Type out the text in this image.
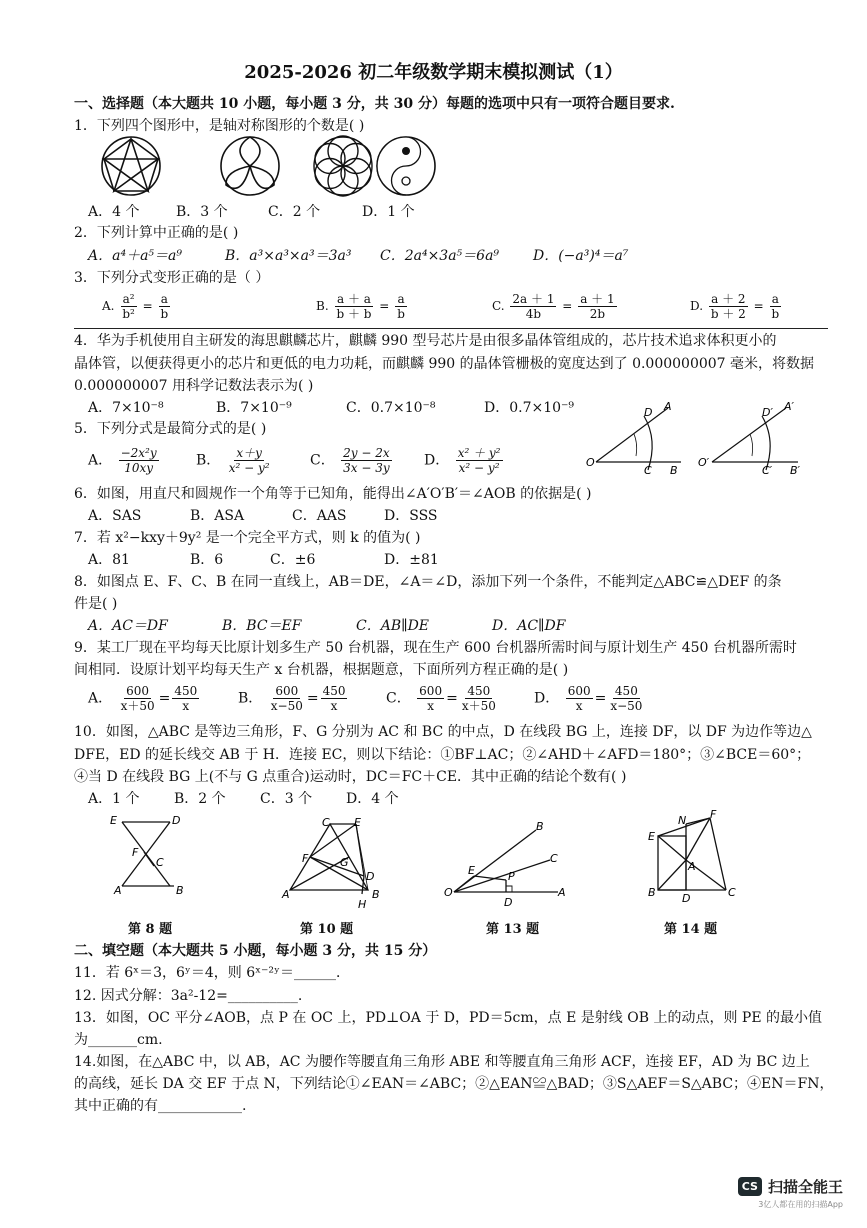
2025-2026 初二年级数学期末模拟测试（1）
一、选择题（本大题共 10 小题，每小题 3 分，共 30 分）每题的选项中只有一项符合题目要求.
1．下列四个图形中，是轴对称图形的个数是( )
A．4 个	B．3 个	C．2 个	D．1 个
2．下列计算中正确的是( )
A．a⁴＋a⁵＝a⁹	B．a³×a³×a³＝3a³ C．2a⁴×3a⁵＝6a⁹ D．(−a³)⁴＝a⁷
3．下列分式变形正确的是（ ）
A. $\frac{\text{a²}}{\text{b²}} = \frac{a}{b}$	B. $\frac{a + a}{b + b} = \frac{a}{b}$	C. $\frac{2a + 1}{4b} = \frac{a + 1}{2b}$	D. $\frac{a + 2}{b + 2} = \frac{a}{b}$
4．华为手机使用自主研发的海思麒麟芯片，麒麟 990 型号芯片是由很多晶体管组成的，芯片技术追求体积更小的
晶体管，以便获得更小的芯片和更低的电力功耗，而麒麟 990 的晶体管栅极的宽度达到了 0.000000007 毫米，将数据
0.000000007 用科学记数法表示为( )
A．7×10⁻⁸	B．7×10⁻⁹	C．0.7×10⁻⁸	D．0.7×10⁻⁹
5．下列分式是最简分式的是( )
A． $\frac{\text{−2x²y}}{10xy}$	B． $\frac{x+y}{\text{x² − y²}}$	C． $\frac{2y - 2x}{3x - 3y}$ D． $\frac{\text{x² ＋ y²}}{\text{x² − y²}}$	O
C B
D A
O′
C′ B′
D′ A′
6．如图，用直尺和圆规作一个角等于已知角，能得出∠A′O′B′＝∠AOB 的依据是( )
A．SAS	B．ASA	C．AAS	D．SSS
7．若 x²−kxy＋9y² 是一个完全平方式，则 k 的值为( )
A．81	B．6	C．±6	D．±81
8．如图点 E、F、C、B 在同一直线上，AB＝DE，∠A＝∠D，添加下列一个条件，不能判定△ABC≌△DEF 的条
件是( )
A．AC＝DF	B．BC＝EF	C．AB∥DE	D．AC∥DF
9．某工厂现在平均每天比原计划多生产 50 台机器，现在生产 600 台机器所需时间与原计划生产 450 台机器所需时
间相同．设原计划平均每天生产 x 台机器，根据题意，下面所列方程正确的是( )
A． $\frac{600}{x+50} = \frac{450}{x}$	B． $\frac{600}{x-50} = \frac{450}{x}$	C． $\frac{600}{x} = \frac{450}{x+50}$	D． $\frac{600}{x} = \frac{450}{x-50}$
10．如图，△ABC 是等边三角形，F、G 分别为 AC 和 BC 的中点，D 在线段 BG 上，连接 DF，以 DF 为边作等边△
DFE，ED 的延长线交 AB 于 H．连接 EC，则以下结论：①BF⊥AC；②∠AHD＋∠AFD＝180°；③∠BCE＝60°；
④当 D 在线段 BG 上(不与 G 点重合)运动时，DC＝FC＋CE．其中正确的结论个数有( )
A．1 个 B．2 个 C．3 个 D．4 个
E	D
F
C
A	B
第 8 题
C E
F	G
D
A	B
H
第 10 题
B
C
E	P
O
D
A
第 13 题
E
N F
A
B D	C
第 14 题
二、填空题（本大题共 5 小题，每小题 3 分，共 15 分）
11．若 6ˣ＝3，6ʸ＝4，则 6ˣ⁻²ʸ＝______．
12. 因式分解：3a²-12=__________.
13．如图，OC 平分∠AOB，点 P 在 OC 上，PD⊥OA 于 D，PD＝5cm，点 E 是射线 OB 上的动点，则 PE 的最小值
为_______cm.
14.如图，在△ABC 中，以 AB，AC 为腰作等腰直角三角形 ABE 和等腰直角三角形 ACF，连接 EF，AD 为 BC 边上
的高线，延长 DA 交 EF 于点 N，下列结论①∠EAN＝∠ABC；②△EAN≌△BAD；③S△AEF＝S△ABC；④EN＝FN，
其中正确的有____________.
CS 扫描全能王
3亿人都在用的扫描App
